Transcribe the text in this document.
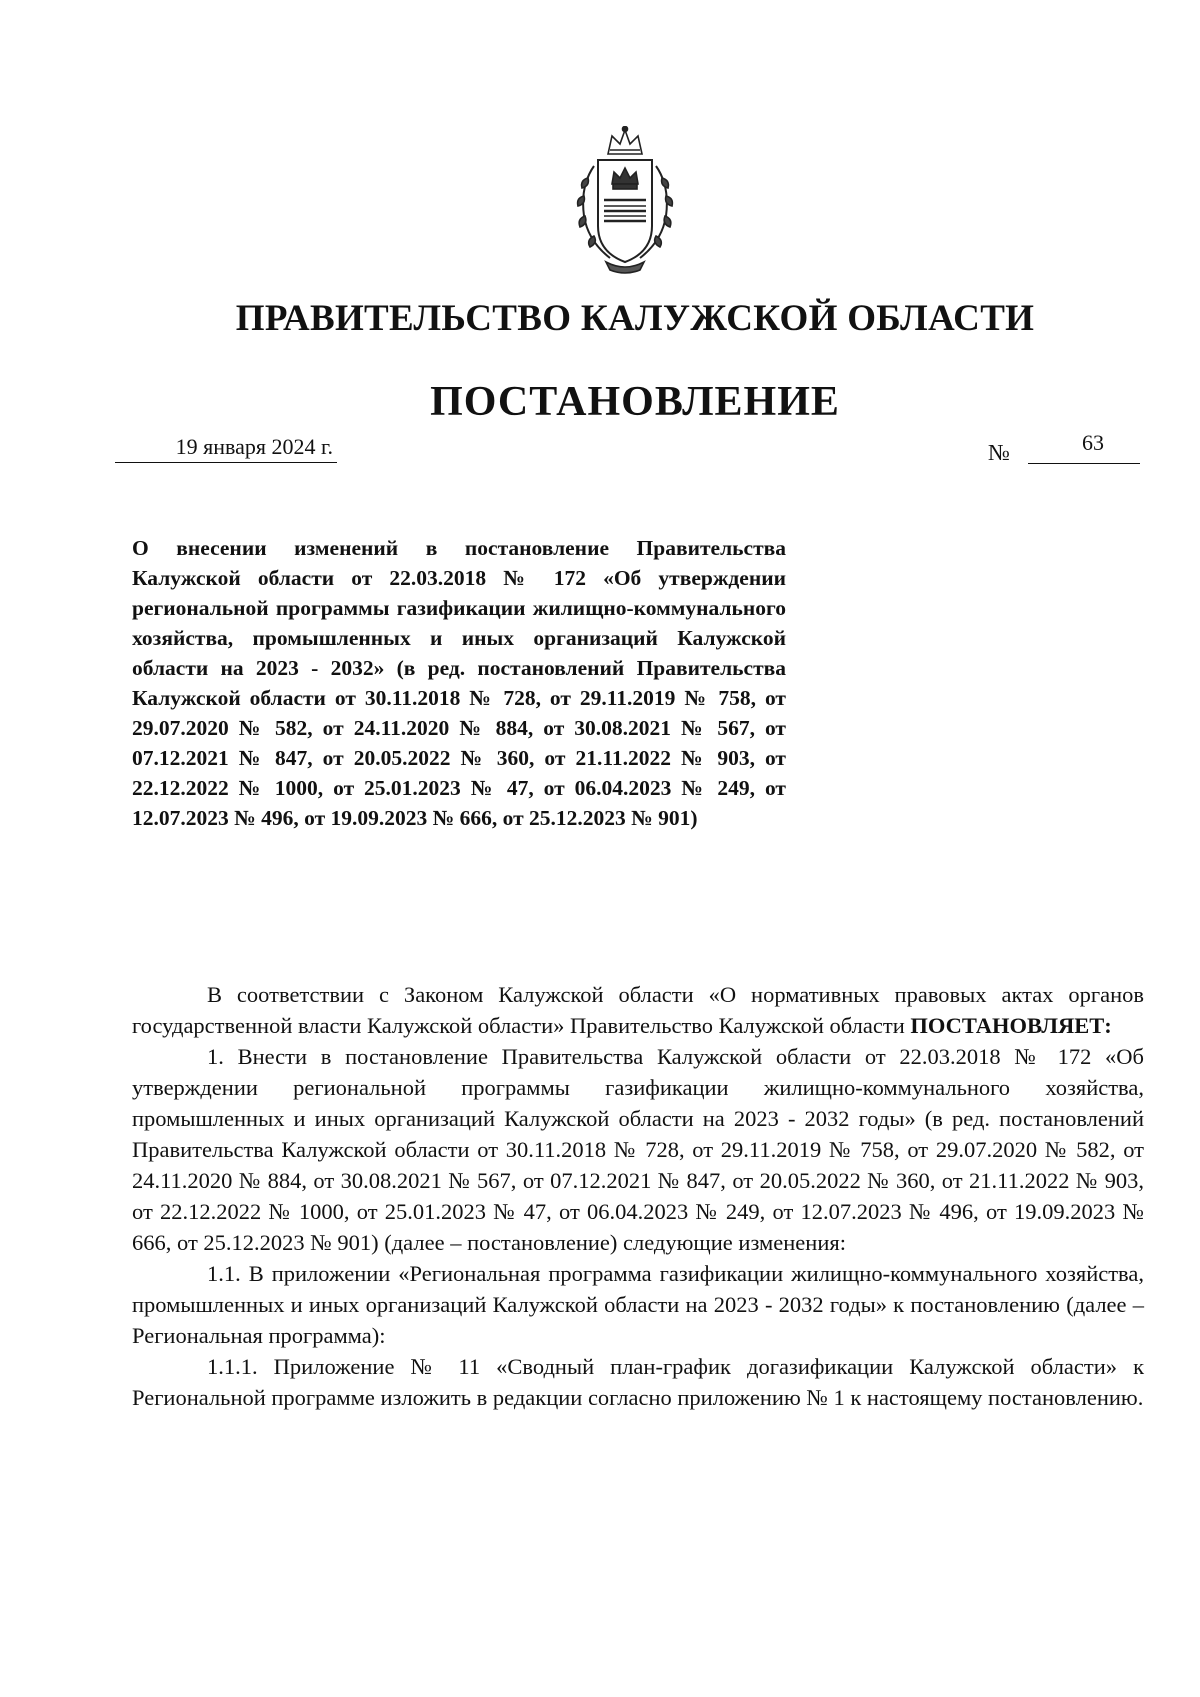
ПРАВИТЕЛЬСТВО КАЛУЖСКОЙ ОБЛАСТИ
ПОСТАНОВЛЕНИЕ
19 января 2024 г.	№	63

О внесении изменений в постановление Правительства Калужской области от 22.03.2018 № 172 «Об утверждении региональной программы газификации жилищно-коммунального хозяйства, промышленных и иных организаций Калужской области на 2023 - 2032» (в ред. постановлений Правительства Калужской области от 30.11.2018 № 728, от 29.11.2019 № 758, от 29.07.2020 № 582, от 24.11.2020 № 884, от 30.08.2021 № 567, от 07.12.2021 № 847, от 20.05.2022 № 360, от 21.11.2022 № 903, от 22.12.2022 № 1000, от 25.01.2023 № 47, от 06.04.2023 № 249, от 12.07.2023 № 496, от 19.09.2023 № 666, от 25.12.2023 № 901)

В соответствии с Законом Калужской области «О нормативных правовых актах органов государственной власти Калужской области» Правительство Калужской области ПОСТАНОВЛЯЕТ:

1. Внести в постановление Правительства Калужской области от 22.03.2018 № 172 «Об утверждении региональной программы газификации жилищно-коммунального хозяйства, промышленных и иных организаций Калужской области на 2023 - 2032 годы» (в ред. постановлений Правительства Калужской области от 30.11.2018 № 728, от 29.11.2019 № 758, от 29.07.2020 № 582, от 24.11.2020 № 884, от 30.08.2021 № 567, от 07.12.2021 № 847, от 20.05.2022 № 360, от 21.11.2022 № 903, от 22.12.2022 № 1000, от 25.01.2023 № 47, от 06.04.2023 № 249, от 12.07.2023 № 496, от 19.09.2023 № 666, от 25.12.2023 № 901) (далее – постановление) следующие изменения:

1.1. В приложении «Региональная программа газификации жилищно-коммунального хозяйства, промышленных и иных организаций Калужской области на 2023 - 2032 годы» к постановлению (далее – Региональная программа):

1.1.1. Приложение № 11 «Сводный план-график догазификации Калужской области» к Региональной программе изложить в редакции согласно приложению № 1 к настоящему постановлению.
